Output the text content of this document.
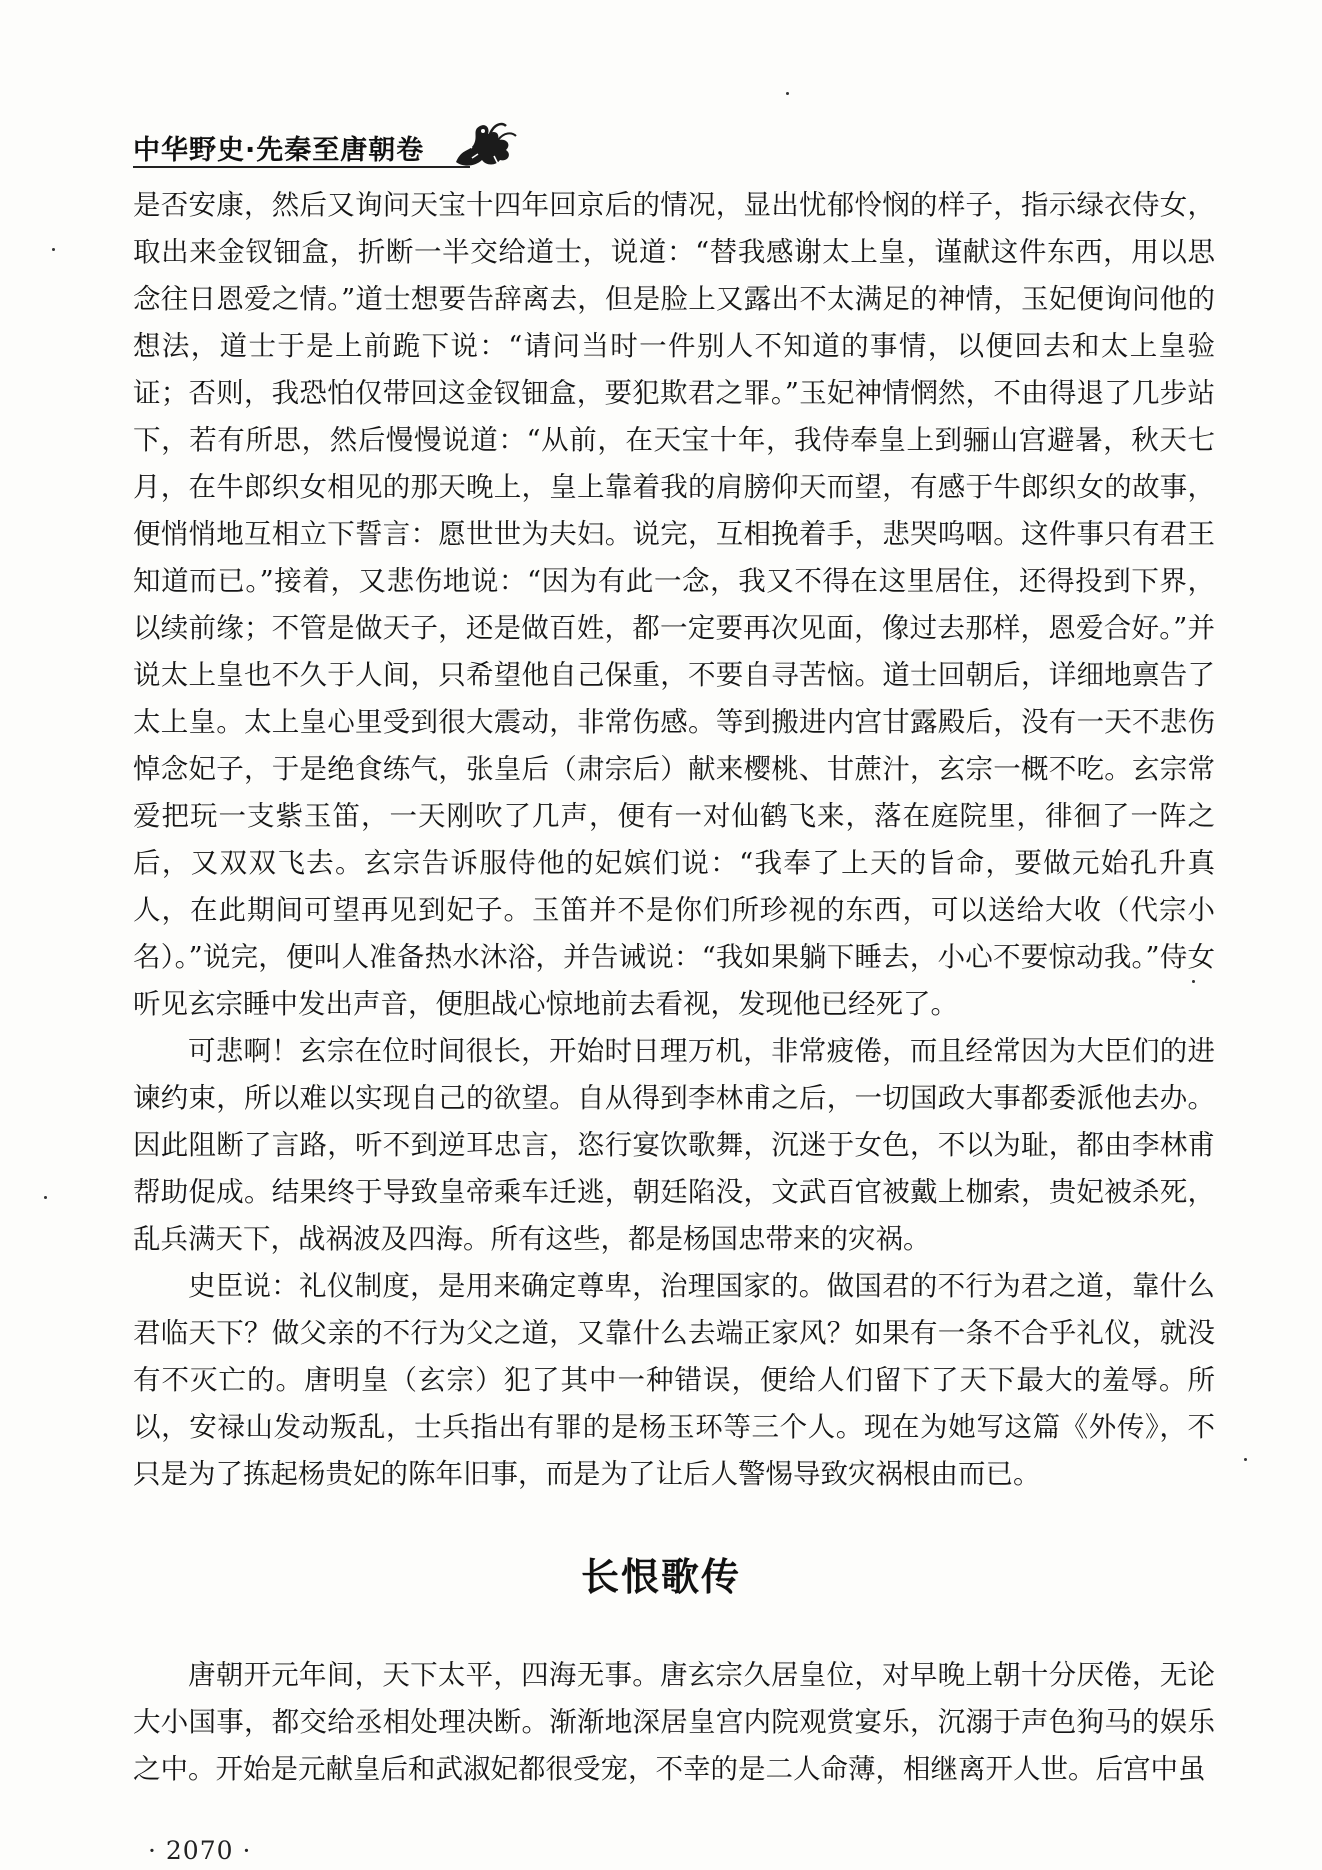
中华野史·先秦至唐朝卷

是否安康，然后又询问天宝十四年回京后的情况，显出忧郁怜悯的样子，指示绿衣侍女，取出来金钗钿盒，折断一半交给道士，说道：“替我感谢太上皇，谨献这件东西，用以思念往日恩爱之情。”道士想要告辞离去，但是脸上又露出不太满足的神情，玉妃便询问他的想法，道士于是上前跪下说：“请问当时一件别人不知道的事情，以便回去和太上皇验证；否则，我恐怕仅带回这金钗钿盒，要犯欺君之罪。”玉妃神情惘然，不由得退了几步站下，若有所思，然后慢慢说道：“从前，在天宝十年，我侍奉皇上到骊山宫避暑，秋天七月，在牛郎织女相见的那天晚上，皇上靠着我的肩膀仰天而望，有感于牛郎织女的故事，便悄悄地互相立下誓言：愿世世为夫妇。说完，互相挽着手，悲哭呜咽。这件事只有君王知道而已。”接着，又悲伤地说：“因为有此一念，我又不得在这里居住，还得投到下界，以续前缘；不管是做天子，还是做百姓，都一定要再次见面，像过去那样，恩爱合好。”并说太上皇也不久于人间，只希望他自己保重，不要自寻苦恼。道士回朝后，详细地禀告了太上皇。太上皇心里受到很大震动，非常伤感。等到搬进内宫甘露殿后，没有一天不悲伤悼念妃子，于是绝食练气，张皇后（肃宗后）献来樱桃、甘蔗汁，玄宗一概不吃。玄宗常爱把玩一支紫玉笛，一天刚吹了几声，便有一对仙鹤飞来，落在庭院里，徘徊了一阵之后，又双双飞去。玄宗告诉服侍他的妃嫔们说：“我奉了上天的旨命，要做元始孔升真人，在此期间可望再见到妃子。玉笛并不是你们所珍视的东西，可以送给大收（代宗小名）。”说完，便叫人准备热水沐浴，并告诫说：“我如果躺下睡去，小心不要惊动我。”侍女听见玄宗睡中发出声音，便胆战心惊地前去看视，发现他已经死了。

可悲啊！玄宗在位时间很长，开始时日理万机，非常疲倦，而且经常因为大臣们的进谏约束，所以难以实现自己的欲望。自从得到李林甫之后，一切国政大事都委派他去办。因此阻断了言路，听不到逆耳忠言，恣行宴饮歌舞，沉迷于女色，不以为耻，都由李林甫帮助促成。结果终于导致皇帝乘车迁逃，朝廷陷没，文武百官被戴上枷索，贵妃被杀死，乱兵满天下，战祸波及四海。所有这些，都是杨国忠带来的灾祸。

史臣说：礼仪制度，是用来确定尊卑，治理国家的。做国君的不行为君之道，靠什么君临天下？做父亲的不行为父之道，又靠什么去端正家风？如果有一条不合乎礼仪，就没有不灭亡的。唐明皇（玄宗）犯了其中一种错误，便给人们留下了天下最大的羞辱。所以，安禄山发动叛乱，士兵指出有罪的是杨玉环等三个人。现在为她写这篇《外传》，不只是为了拣起杨贵妃的陈年旧事，而是为了让后人警惕导致灾祸根由而已。

长恨歌传

唐朝开元年间，天下太平，四海无事。唐玄宗久居皇位，对早晚上朝十分厌倦，无论大小国事，都交给丞相处理决断。渐渐地深居皇宫内院观赏宴乐，沉溺于声色狗马的娱乐之中。开始是元献皇后和武淑妃都很受宠，不幸的是二人命薄，相继离开人世。后宫中虽

· 2070 ·
